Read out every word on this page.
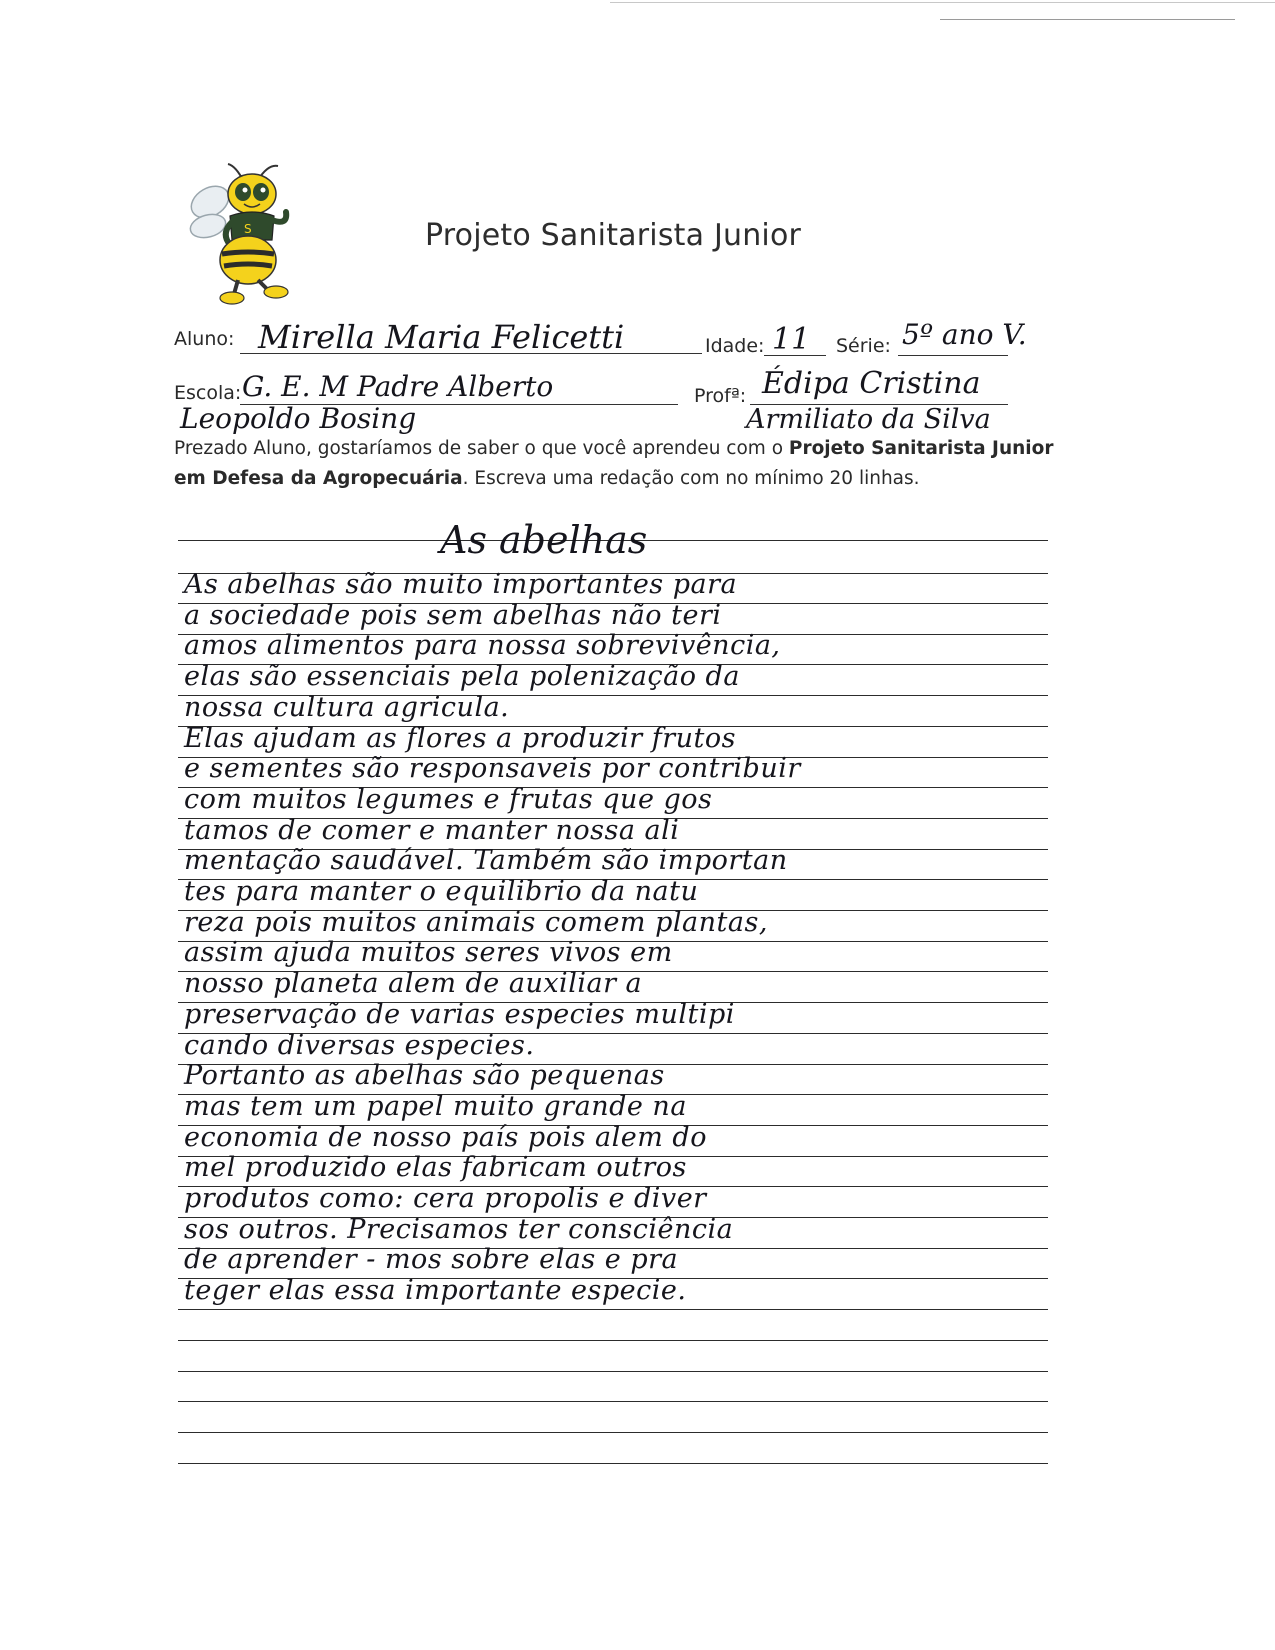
S	Projeto Sanitarista Junior
Aluno: Mirella Maria Felicetti	Idade: 11 Série: 5º ano V.
Escola: G. E. M Padre Alberto
Leopoldo Bosing
Profª: Édipa Cristina
Armiliato da Silva
Prezado Aluno, gostaríamos de saber o que você aprendeu com o Projeto Sanitarista Junior
em Defesa da Agropecuária. Escreva uma redação com no mínimo 20 linhas.
As abelhas
As abelhas são muito importantes para
a sociedade pois sem abelhas não teri
amos alimentos para nossa sobrevivência,
elas são essenciais pela polenização da
nossa cultura agricula.
Elas ajudam as flores a produzir frutos
e sementes são responsaveis por contribuir
com muitos legumes e frutas que gos
tamos de comer e manter nossa ali
mentação saudável. Também são importan
tes para manter o equilibrio da natu
reza pois muitos animais comem plantas,
assim ajuda muitos seres vivos em
nosso planeta alem de auxiliar a
preservação de varias especies multipi
cando diversas especies.
Portanto as abelhas são pequenas
mas tem um papel muito grande na
economia de nosso país pois alem do
mel produzido elas fabricam outros
produtos como: cera propolis e diver
sos outros. Precisamos ter consciência
de aprender - mos sobre elas e pra
teger elas essa importante especie.
